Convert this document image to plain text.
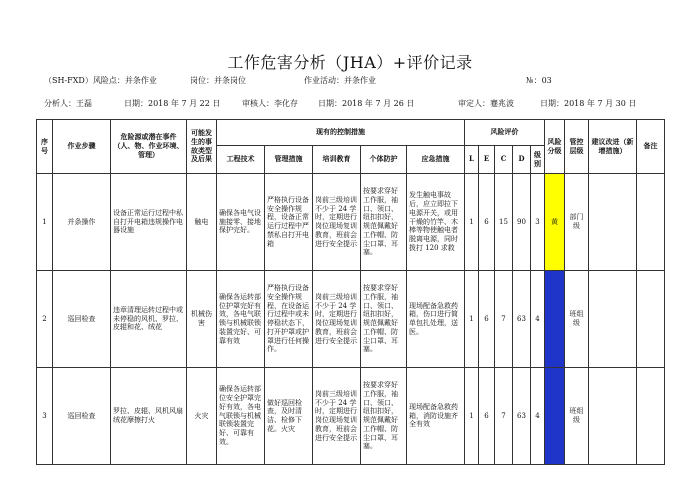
工作危害分析（JHA）+评价记录
（SH-FXD）风险点：并条作业	岗位：并条岗位	作业活动：并条作业	№：03
分析人：王磊	日期：2018 年 7 月 22 日	审核人：李化存	日期：2018 年 7 月 26 日	审定人：蹇兆波	日期：2018 年 7 月 30 日
序号	作业步骤	危险源或潜在事件（人、物、作业环境、管理）	可能发生的事故类型及后果	现有的控制措施					风险评价					风险分级	管控层级	建议改进（新增措施）	备注
				工程技术	管理措施	培训教育	个体防护	应急措施	L	E	C	D	级别				
1	并条操作	设备正常运行过程中私自打开电箱违规操作电器设施	触电	确保各电气设施接零、接地保护完好。	严格执行设备安全操作规程，设备正常运行过程中严禁私自打开电箱	岗前三级培训不少于 24 学时，定期进行岗位现场复训教育，班前会进行安全提示	按要求穿好工作服，袖口、领口、纽扣扣好，规范佩戴好工作帽、防尘口罩、耳塞。	发生触电事故后，应立即拉下电源开关，或用干燥的竹竿、木棒等物使触电者脱离电源，同时拨打 120 求救	1	6	15	90	3	黄	部门级		
2	巡回检查	违章清理运转过程中或未停稳的风机、罗拉、皮辊和花、绒花	机械伤害	确保各运转部位护罩完好有效，各电气联锁与机械联锁装置完好、可靠有效	严格执行设备安全操作规程，在设备运行过程中或未停稳状态下，打开护罩或护罩进行任何操作。	岗前三级培训不少于 24 学时，定期进行岗位现场复训教育，班前会进行安全提示	按要求穿好工作服，袖口、领口、纽扣扣好，规范佩戴好工作帽、防尘口罩、耳塞。	现场配备急救药箱，伤口进行简单包扎处理，送医。	1	6	7	63	4	蓝	班组级		
3	巡回检查	罗拉、皮辊、风机风扇绒花摩擦打火	火灾	确保各运转部位安全护罩完好有效，各电气联锁与机械联锁装置完好、可靠有效。	做好巡回检查，及时清洁、检修下花。火灾	岗前三级培训不少于 24 学时，定期进行岗位现场复训教育，班前会进行安全提示	按要求穿好工作服，袖口、领口、纽扣扣好，规范佩戴好工作帽、防尘口罩、耳塞。	现场配备急救药箱，消防设施齐全有效	1	6	7	63	4	蓝	班组级		
